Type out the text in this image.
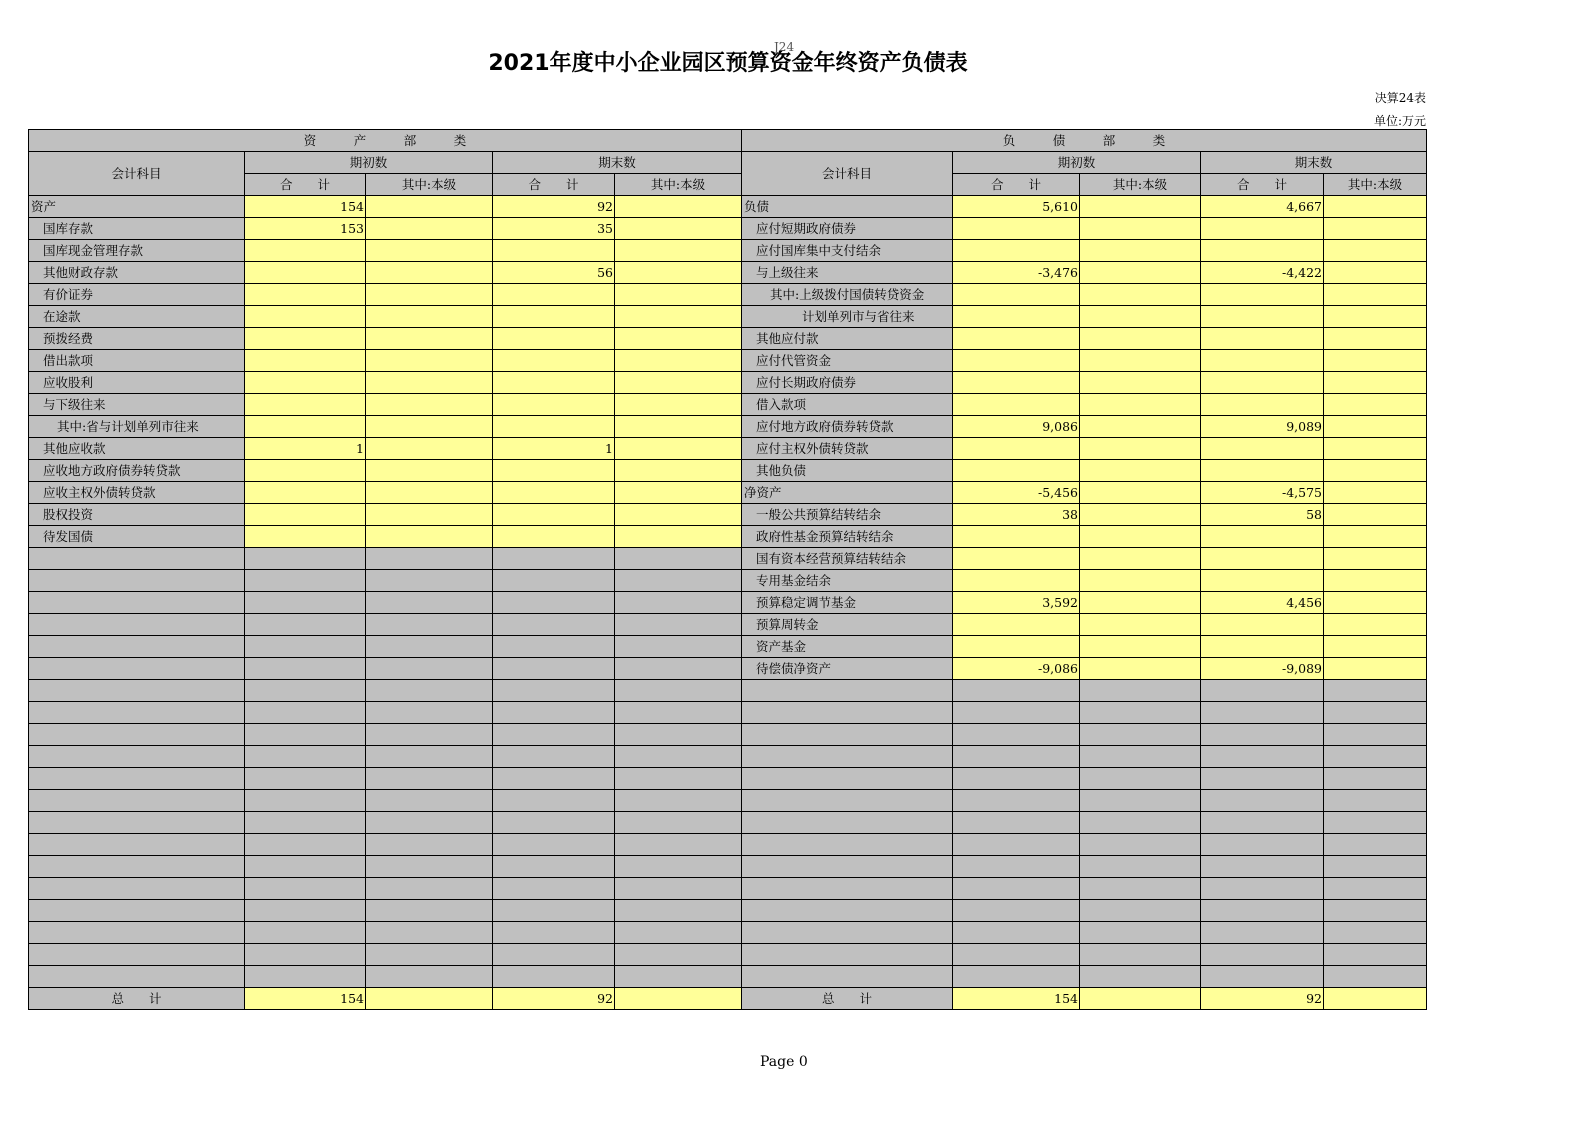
J24
2021年度中小企业园区预算资金年终资产负债表
决算24表
单位:万元
资　　　产　　　部　　　类					负　　　债　　　部　　　类				
会计科目	期初数		期末数		会计科目	期初数		期末数	
	合　　计	其中:本级	合　　计	其中:本级		合　　计	其中:本级	合　　计	其中:本级
资产	154		92		负债	5,610		4,667	
国库存款	153		35		应付短期政府债券				
国库现金管理存款					应付国库集中支付结余				
其他财政存款			56		与上级往来	-3,476		-4,422	
有价证券					其中:上级拨付国债转贷资金				
在途款					计划单列市与省往来				
预拨经费					其他应付款				
借出款项					应付代管资金				
应收股利					应付长期政府债券				
与下级往来					借入款项				
其中:省与计划单列市往来					应付地方政府债券转贷款	9,086		9,089	
其他应收款	1		1		应付主权外债转贷款				
应收地方政府债券转贷款					其他负债				
应收主权外债转贷款					净资产	-5,456		-4,575	
股权投资					一般公共预算结转结余	38		58	
待发国债					政府性基金预算结转结余				
					国有资本经营预算结转结余				
					专用基金结余				
					预算稳定调节基金	3,592		4,456	
					预算周转金				
					资产基金				
					待偿债净资产	-9,086		-9,089	

总　　计	154		92		总　　计	154		92	
Page 0
